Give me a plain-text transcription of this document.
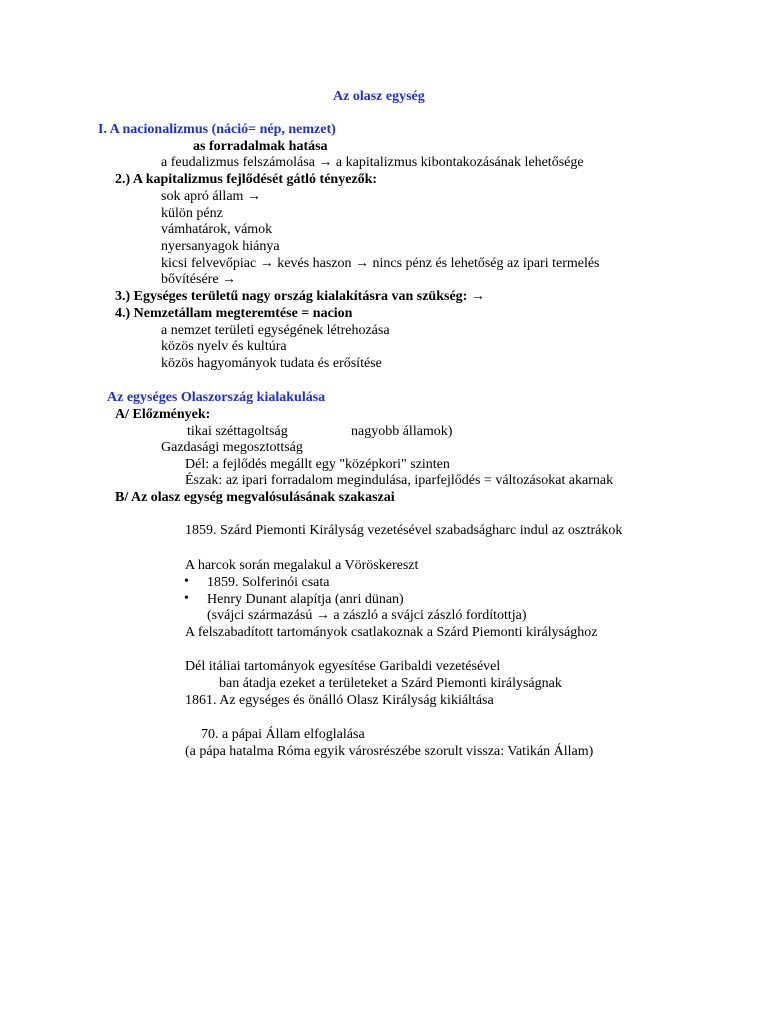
Az olasz egység
I. A nacionalizmus (náció= nép, nemzet)
as forradalmak hatása
a feudalizmus felszámolása → a kapitalizmus kibontakozásának lehetősége
2.) A kapitalizmus fejlődését gátló tényezők:
sok apró állam →
külön pénz
vámhatárok, vámok
nyersanyagok hiánya
kicsi felvevőpiac → kevés haszon → nincs pénz és lehetőség az ipari termelés
bővítésére →
3.) Egységes területű nagy ország kialakításra van szükség: →
4.) Nemzetállam megteremtése = nacion
a nemzet területi egységének létrehozása
közös nyelv és kultúra
közös hagyományok tudata és erősítése
Az egységes Olaszország kialakulása
A/ Előzmények:
tikai széttagoltság	nagyobb államok)
Gazdasági megosztottság
Dél: a fejlődés megállt egy "középkori" szinten
Észak: az ipari forradalom megindulása, iparfejlődés = változásokat akarnak
B/ Az olasz egység megvalósulásának szakaszai
1859. Szárd Piemonti Királyság vezetésével szabadságharc indul az osztrákok
A harcok során megalakul a Vöröskereszt
• 1859. Solferinói csata
• Henry Dunant alapítja (anri dünan)
(svájci származású → a zászló a svájci zászló fordítottja)
A felszabadított tartományok csatlakoznak a Szárd Piemonti királysághoz
Dél itáliai tartományok egyesítése Garibaldi vezetésével
ban átadja ezeket a területeket a Szárd Piemonti királyságnak
1861. Az egységes és önálló Olasz Királyság kikiáltása
70. a pápai Állam elfoglalása
(a pápa hatalma Róma egyik városrészébe szorult vissza: Vatikán Állam)
